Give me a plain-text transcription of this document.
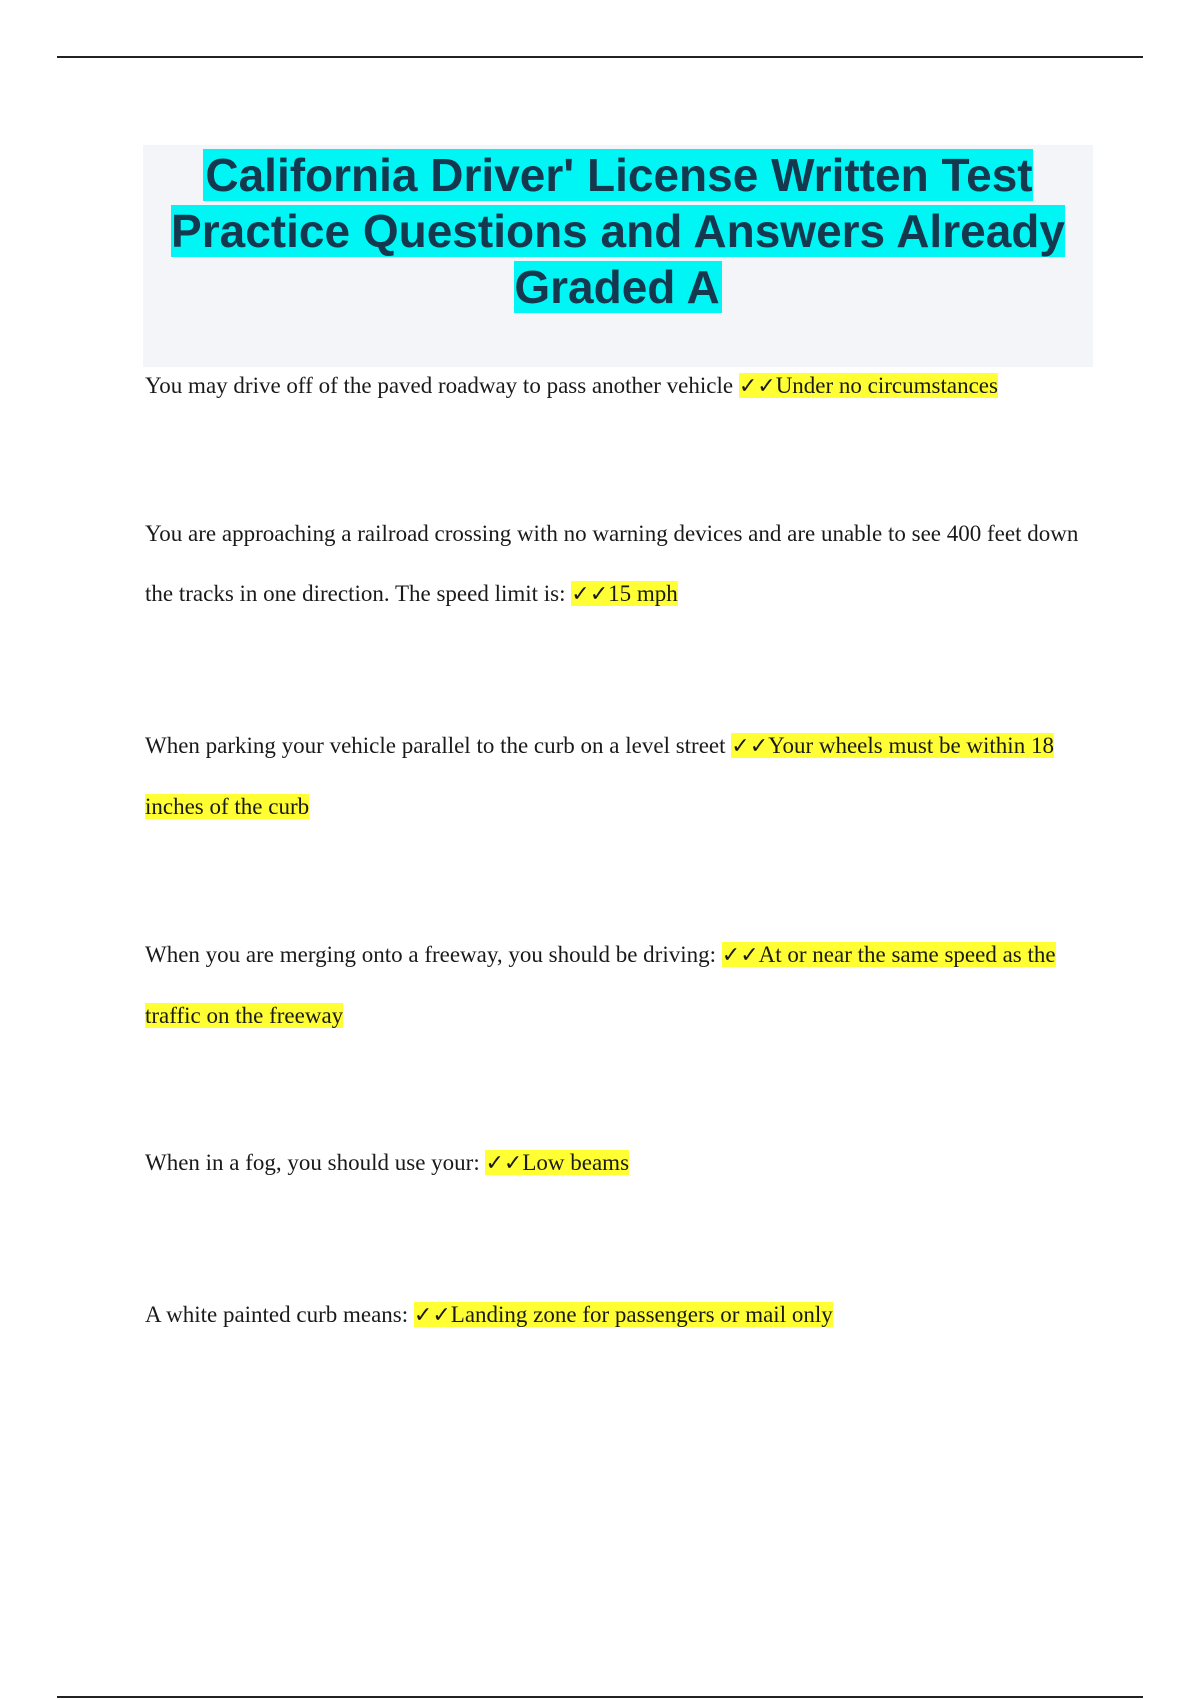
California Driver' License Written Test Practice Questions and Answers Already Graded A

You may drive off of the paved roadway to pass another vehicle ✓✓Under no circumstances

You are approaching a railroad crossing with no warning devices and are unable to see 400 feet down the tracks in one direction. The speed limit is: ✓✓15 mph

When parking your vehicle parallel to the curb on a level street ✓✓Your wheels must be within 18 inches of the curb

When you are merging onto a freeway, you should be driving: ✓✓At or near the same speed as the traffic on the freeway

When in a fog, you should use your: ✓✓Low beams

A white painted curb means: ✓✓Landing zone for passengers or mail only
